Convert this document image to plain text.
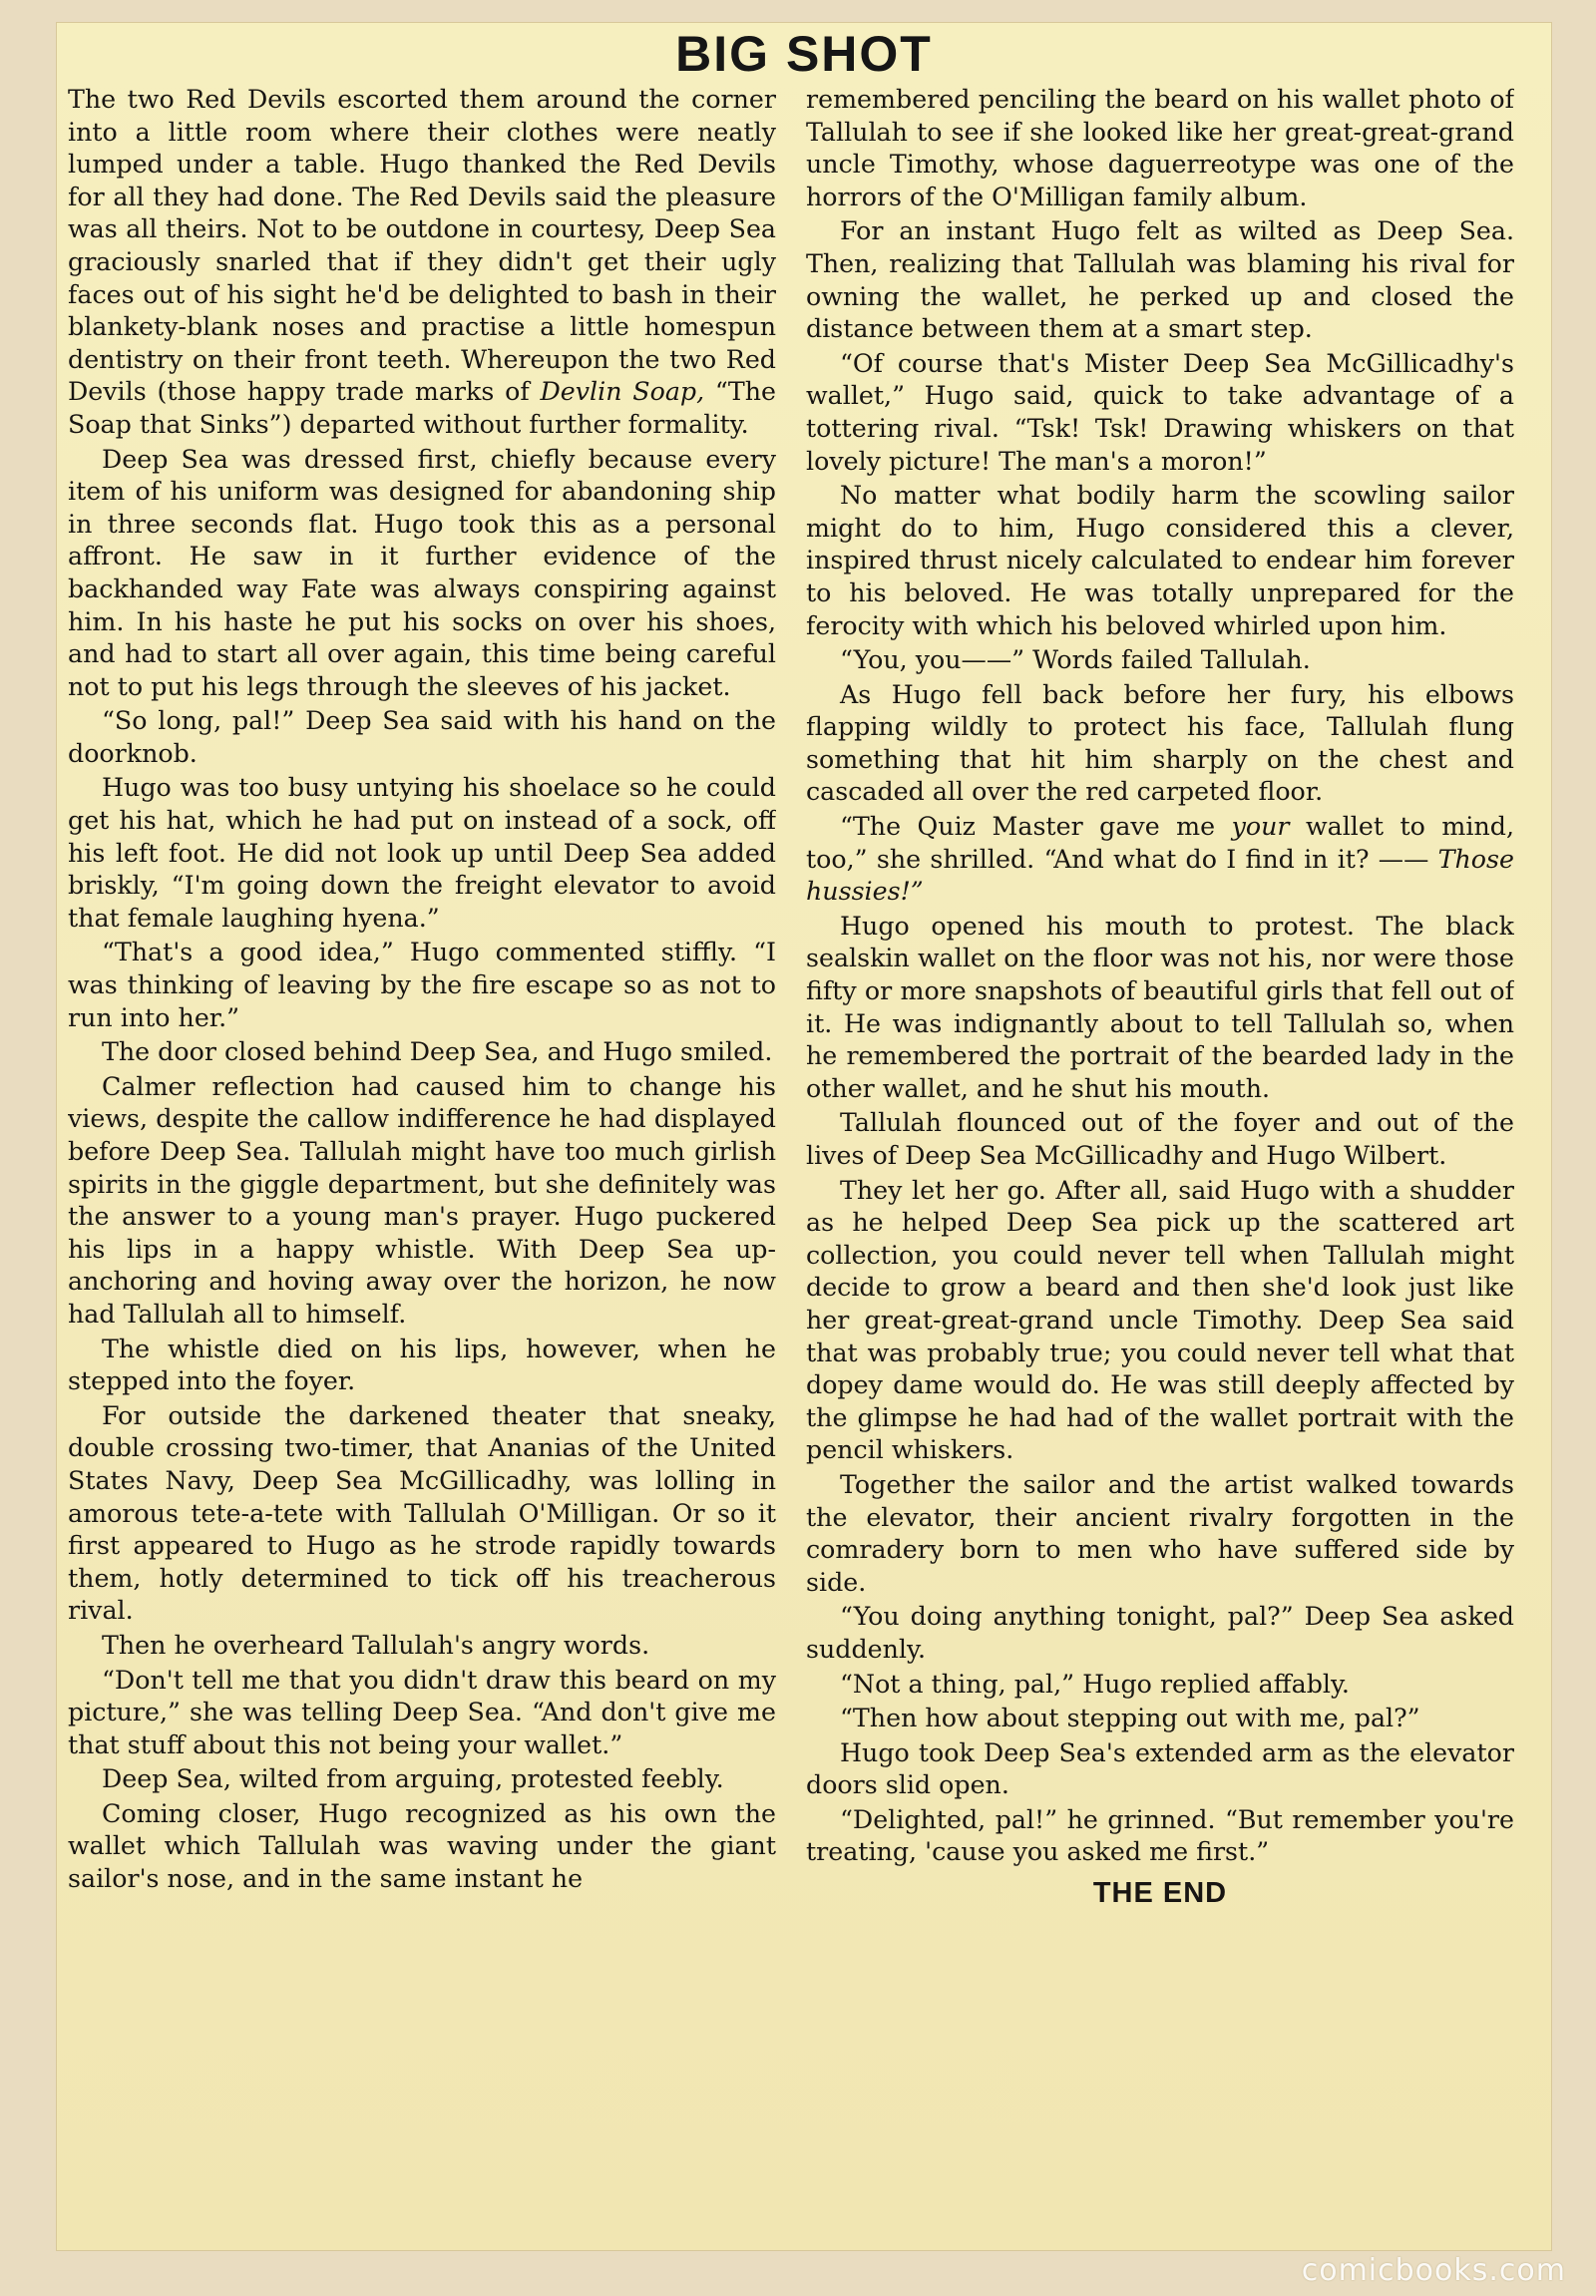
BIG SHOT

The two Red Devils escorted them around the corner into a little room where their clothes were neatly lumped under a table. Hugo thanked the Red Devils for all they had done. The Red Devils said the pleasure was all theirs. Not to be outdone in courtesy, Deep Sea graciously snarled that if they didn't get their ugly faces out of his sight he'd be delighted to bash in their blankety-blank noses and practise a little homespun dentistry on their front teeth. Whereupon the two Red Devils (those happy trade marks of Devlin Soap, “The Soap that Sinks”) departed without further formality.

Deep Sea was dressed first, chiefly because every item of his uniform was designed for abandoning ship in three seconds flat. Hugo took this as a personal affront. He saw in it further evidence of the backhanded way Fate was always conspiring against him. In his haste he put his socks on over his shoes, and had to start all over again, this time being careful not to put his legs through the sleeves of his jacket.

“So long, pal!” Deep Sea said with his hand on the doorknob.

Hugo was too busy untying his shoelace so he could get his hat, which he had put on instead of a sock, off his left foot. He did not look up until Deep Sea added briskly, “I'm going down the freight elevator to avoid that female laughing hyena.”

“That's a good idea,” Hugo commented stiffly. “I was thinking of leaving by the fire escape so as not to run into her.”

The door closed behind Deep Sea, and Hugo smiled.

Calmer reflection had caused him to change his views, despite the callow indifference he had displayed before Deep Sea. Tallulah might have too much girlish spirits in the giggle department, but she definitely was the answer to a young man's prayer. Hugo puckered his lips in a happy whistle. With Deep Sea up-anchoring and hoving away over the horizon, he now had Tallulah all to himself.

The whistle died on his lips, however, when he stepped into the foyer.

For outside the darkened theater that sneaky, double crossing two-timer, that Ananias of the United States Navy, Deep Sea McGillicadhy, was lolling in amorous tete-a-tete with Tallulah O'Milligan. Or so it first appeared to Hugo as he strode rapidly towards them, hotly determined to tick off his treacherous rival.

Then he overheard Tallulah's angry words.

“Don't tell me that you didn't draw this beard on my picture,” she was telling Deep Sea. “And don't give me that stuff about this not being your wallet.”

Deep Sea, wilted from arguing, protested feebly.

Coming closer, Hugo recognized as his own the wallet which Tallulah was waving under the giant sailor's nose, and in the same instant he

remembered penciling the beard on his wallet photo of Tallulah to see if she looked like her great-great-grand uncle Timothy, whose daguerreotype was one of the horrors of the O'Milligan family album.

For an instant Hugo felt as wilted as Deep Sea. Then, realizing that Tallulah was blaming his rival for owning the wallet, he perked up and closed the distance between them at a smart step.

“Of course that's Mister Deep Sea McGillicadhy's wallet,” Hugo said, quick to take advantage of a tottering rival. “Tsk! Tsk! Drawing whiskers on that lovely picture! The man's a moron!”

No matter what bodily harm the scowling sailor might do to him, Hugo considered this a clever, inspired thrust nicely calculated to endear him forever to his beloved. He was totally unprepared for the ferocity with which his beloved whirled upon him.

“You, you——” Words failed Tallulah.

As Hugo fell back before her fury, his elbows flapping wildly to protect his face, Tallulah flung something that hit him sharply on the chest and cascaded all over the red carpeted floor.

“The Quiz Master gave me your wallet to mind, too,” she shrilled. “And what do I find in it? —— Those hussies!”

Hugo opened his mouth to protest. The black sealskin wallet on the floor was not his, nor were those fifty or more snapshots of beautiful girls that fell out of it. He was indignantly about to tell Tallulah so, when he remembered the portrait of the bearded lady in the other wallet, and he shut his mouth.

Tallulah flounced out of the foyer and out of the lives of Deep Sea McGillicadhy and Hugo Wilbert.

They let her go. After all, said Hugo with a shudder as he helped Deep Sea pick up the scattered art collection, you could never tell when Tallulah might decide to grow a beard and then she'd look just like her great-great-grand uncle Timothy. Deep Sea said that was probably true; you could never tell what that dopey dame would do. He was still deeply affected by the glimpse he had had of the wallet portrait with the pencil whiskers.

Together the sailor and the artist walked towards the elevator, their ancient rivalry forgotten in the comradery born to men who have suffered side by side.

“You doing anything tonight, pal?” Deep Sea asked suddenly.

“Not a thing, pal,” Hugo replied affably.

“Then how about stepping out with me, pal?”

Hugo took Deep Sea's extended arm as the elevator doors slid open.

“Delighted, pal!” he grinned. “But remember you're treating, 'cause you asked me first.”

THE END
comicbooks.com
